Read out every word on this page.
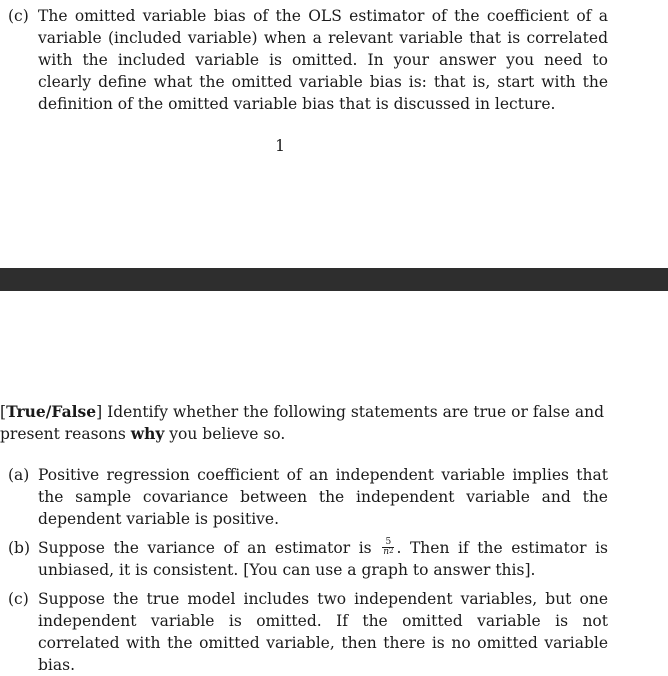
(c) The omitted variable bias of the OLS estimator of the coefficient of a variable (included variable) when a relevant variable that is correlated with the included variable is omitted. In your answer you need to clearly define what the omitted variable bias is: that is, start with the definition of the omitted variable bias that is discussed in lecture.
1
[True/False] Identify whether the following statements are true or false and present reasons why you believe so.
(a) Positive regression coefficient of an independent variable implies that the sample covariance between the independent variable and the dependent variable is positive.
(b) Suppose the variance of an estimator is $\frac{5}{n^2}$ . Then if the estimator is unbiased, it is consistent. [You can use a graph to answer this].
(c) Suppose the true model includes two independent variables, but one independent variable is omitted. If the omitted variable is not correlated with the omitted variable, then there is no omitted variable bias.
